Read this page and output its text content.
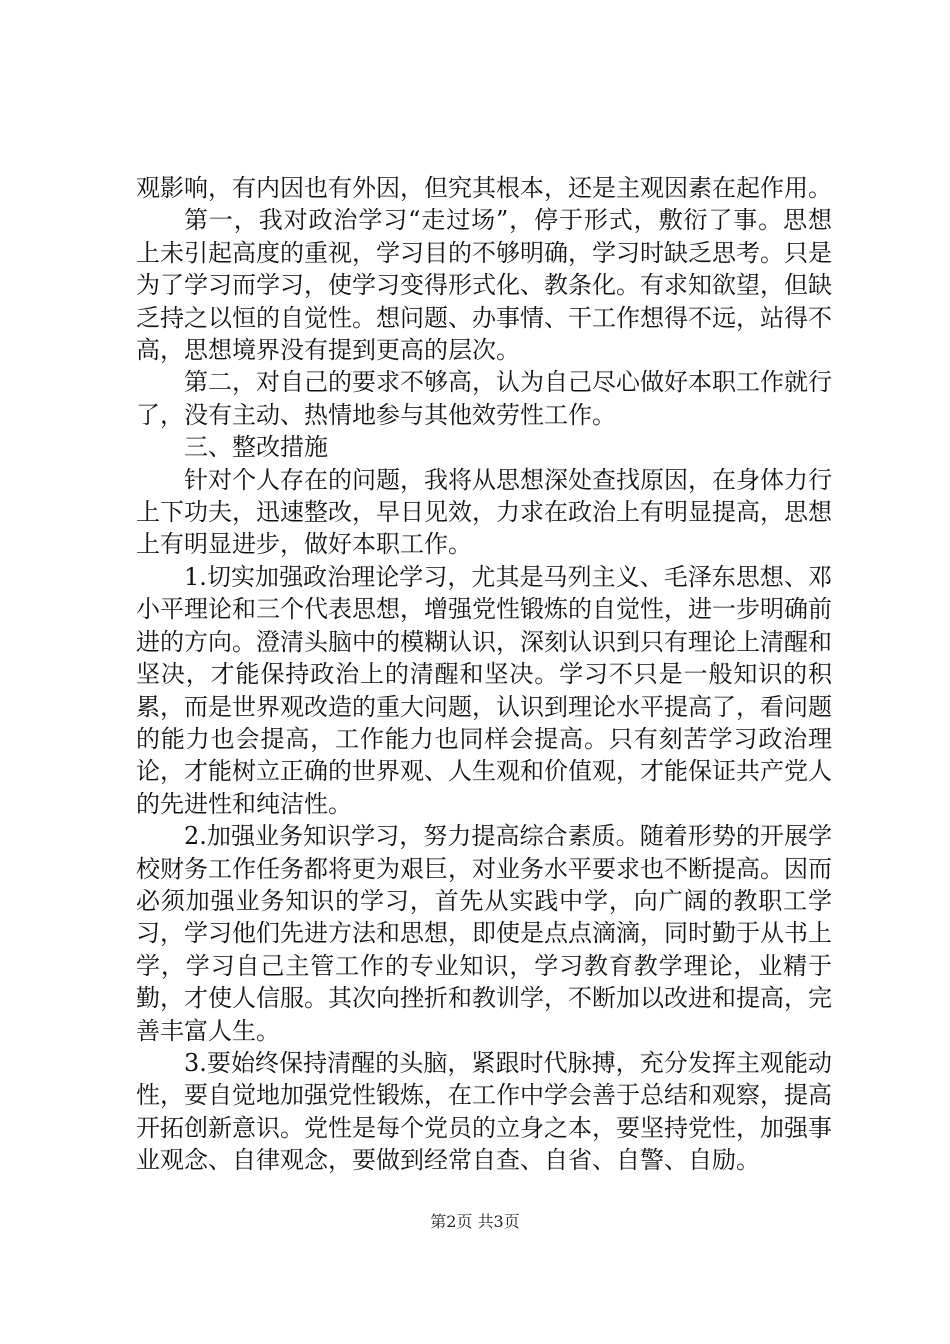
观影响，有内因也有外因，但究其根本，还是主观因素在起作用。

第一，我对政治学习“走过场”，停于形式，敷衍了事。思想上未引起高度的重视，学习目的不够明确，学习时缺乏思考。只是为了学习而学习，使学习变得形式化、教条化。有求知欲望，但缺乏持之以恒的自觉性。想问题、办事情、干工作想得不远，站得不高，思想境界没有提到更高的层次。

第二，对自己的要求不够高，认为自己尽心做好本职工作就行了，没有主动、热情地参与其他效劳性工作。

三、整改措施

针对个人存在的问题，我将从思想深处查找原因，在身体力行上下功夫，迅速整改，早日见效，力求在政治上有明显提高，思想上有明显进步，做好本职工作。

1.切实加强政治理论学习，尤其是马列主义、毛泽东思想、邓小平理论和三个代表思想，增强党性锻炼的自觉性，进一步明确前进的方向。澄清头脑中的模糊认识，深刻认识到只有理论上清醒和坚决，才能保持政治上的清醒和坚决。学习不只是一般知识的积累，而是世界观改造的重大问题，认识到理论水平提高了，看问题的能力也会提高，工作能力也同样会提高。只有刻苦学习政治理论，才能树立正确的世界观、人生观和价值观，才能保证共产党人的先进性和纯洁性。

2.加强业务知识学习，努力提高综合素质。随着形势的开展学校财务工作任务都将更为艰巨，对业务水平要求也不断提高。因而必须加强业务知识的学习，首先从实践中学，向广阔的教职工学习，学习他们先进方法和思想，即使是点点滴滴，同时勤于从书上学，学习自己主管工作的专业知识，学习教育教学理论，业精于勤，才使人信服。其次向挫折和教训学，不断加以改进和提高，完善丰富人生。

3.要始终保持清醒的头脑，紧跟时代脉搏，充分发挥主观能动性，要自觉地加强党性锻炼，在工作中学会善于总结和观察，提高开拓创新意识。党性是每个党员的立身之本，要坚持党性，加强事业观念、自律观念，要做到经常自查、自省、自警、自励。

第2页 共3页
